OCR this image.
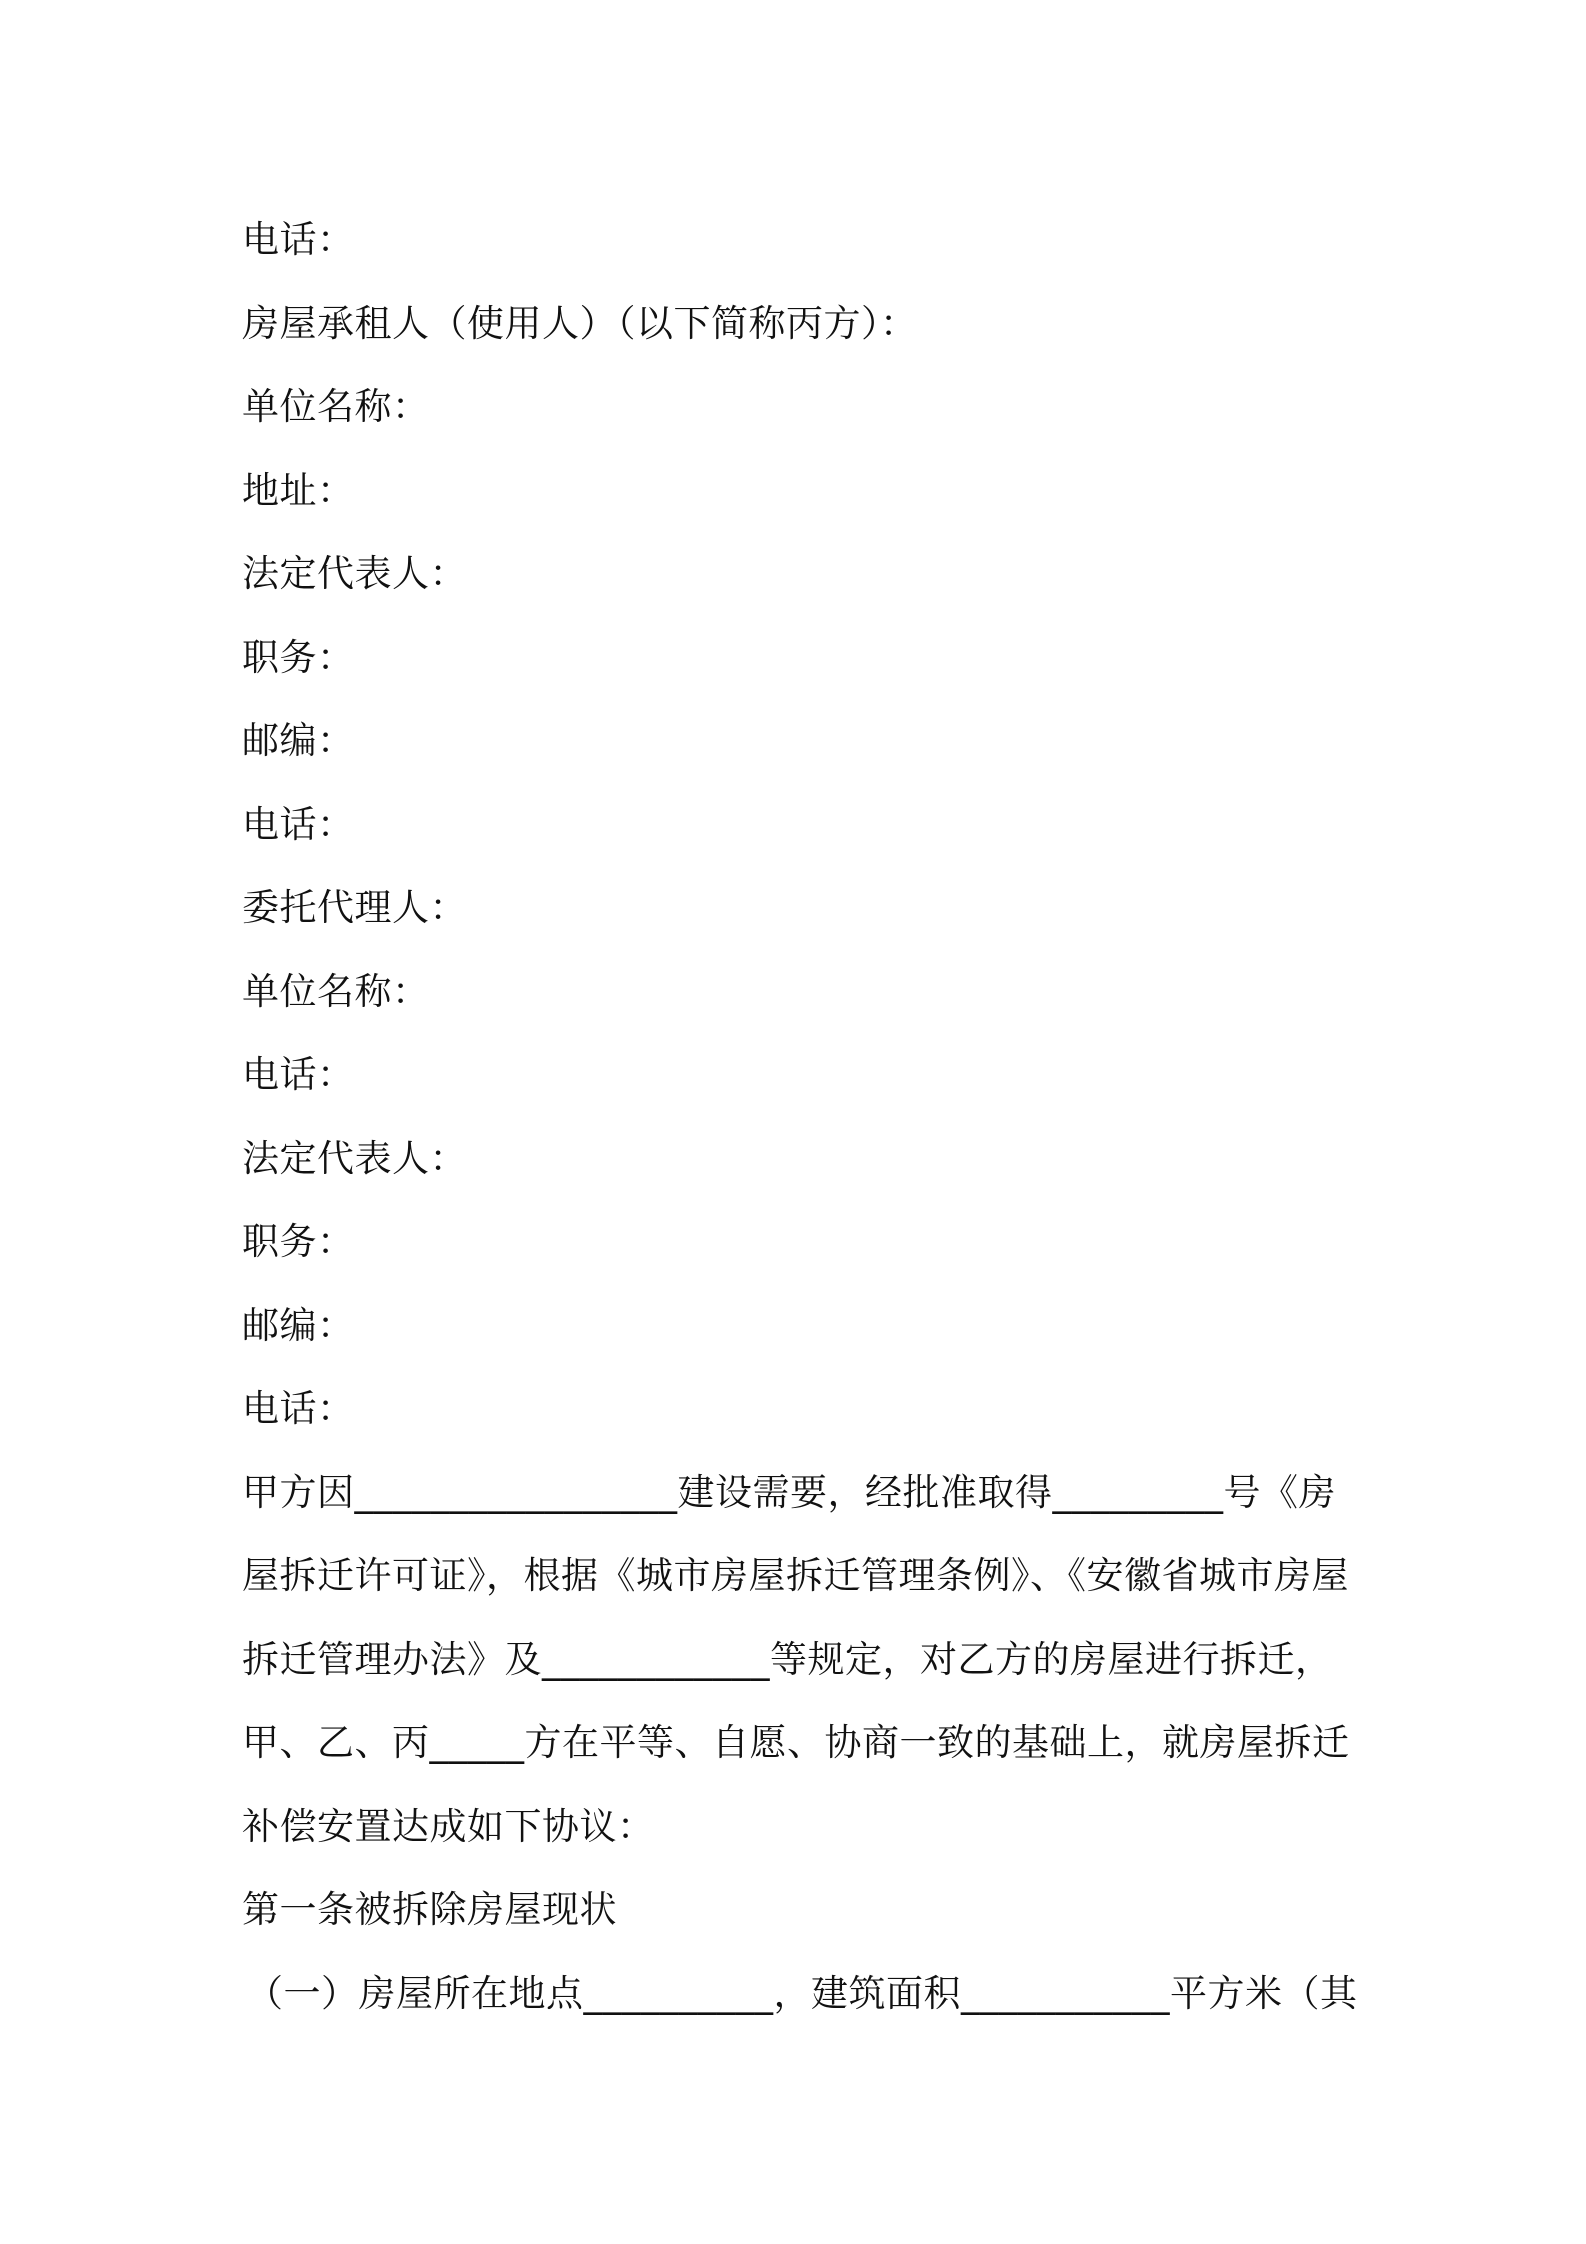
电话：
房屋承租人（使用人）（以下简称丙方）：
单位名称：
地址：
法定代表人：
职务：
邮编：
电话：
委托代理人：
单位名称：
电话：
法定代表人：
职务：
邮编：
电话：
甲方因_________________建设需要，经批准取得_________号《房
屋拆迁许可证》，根据《城市房屋拆迁管理条例》、《安徽省城市房屋
拆迁管理办法》及____________等规定，对乙方的房屋进行拆迁，
甲、乙、丙_____方在平等、自愿、协商一致的基础上，就房屋拆迁
补偿安置达成如下协议：
第一条被拆除房屋现状
（一）房屋所在地点__________，建筑面积___________平方米（其
